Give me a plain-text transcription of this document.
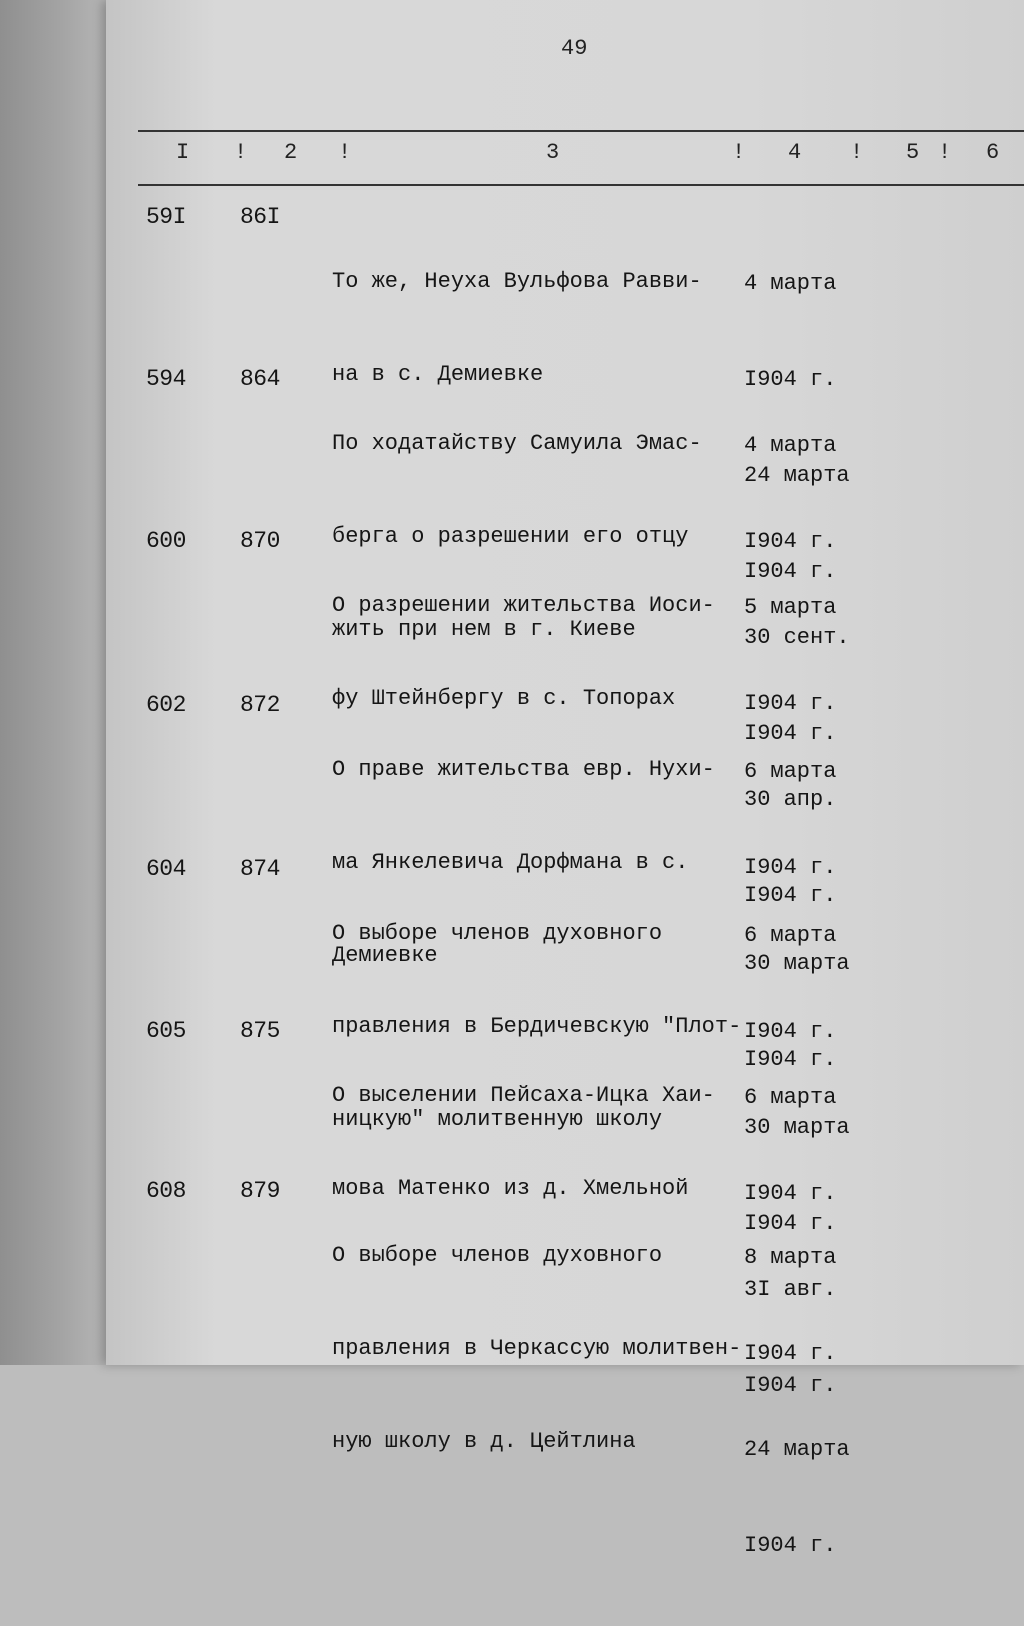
49
I ! 2 !	3	! 4 ! 5 ! 6
59I 86I

То же, Неуха Вульфова Равви-

на в с. Демиевке

4 марта

I904 г.

24 марта

I904 г.

594 864

По ходатайству Самуила Эмас-

берга о разрешении его отцу

жить при нем в г. Киеве

4 марта

I904 г.

30 сент.

I904 г.

600 870

О разрешении жительства Иоси-

фу Штейнбергу в с. Топорах

5 марта

I904 г.

30 апр.

I904 г.

602 872

О праве жительства евр. Нухи-

ма Янкелевича Дорфмана в с.

Демиевке

6 марта

I904 г.

30 марта

I904 г.

604 874

О выборе членов духовного

правления в Бердичевскую "Плот-

ницкую" молитвенную школу

6 марта

I904 г.

30 марта

I904 г.

605 875

О выселении Пейсаха-Ицка Хаи-

мова Матенко из д. Хмельной

6 марта

I904 г.

3I авг.

I904 г.

608 879

О выборе членов духовного

правления в Черкассую молитвен-

ную школу в д. Цейтлина

8 марта

I904 г.

24 марта

I904 г.
